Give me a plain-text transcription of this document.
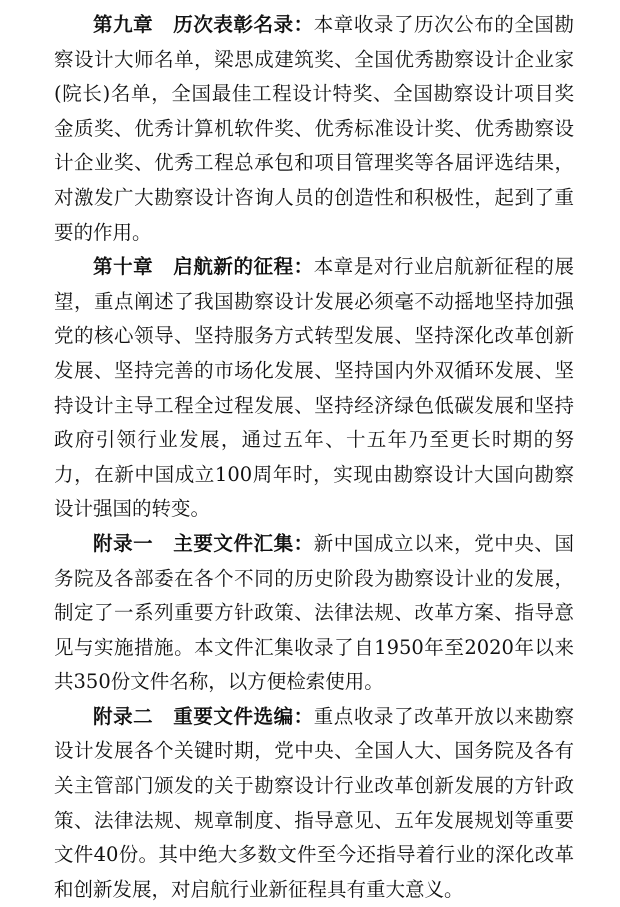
第九章　历次表彰名录：本章收录了历次公布的全国勘察设计大师名单，梁思成建筑奖、全国优秀勘察设计企业家(院长)名单，全国最佳工程设计特奖、全国勘察设计项目奖金质奖、优秀计算机软件奖、优秀标准设计奖、优秀勘察设计企业奖、优秀工程总承包和项目管理奖等各届评选结果，对激发广大勘察设计咨询人员的创造性和积极性，起到了重要的作用。

第十章　启航新的征程：本章是对行业启航新征程的展望，重点阐述了我国勘察设计发展必须毫不动摇地坚持加强党的核心领导、坚持服务方式转型发展、坚持深化改革创新发展、坚持完善的市场化发展、坚持国内外双循环发展、坚持设计主导工程全过程发展、坚持经济绿色低碳发展和坚持政府引领行业发展，通过五年、十五年乃至更长时期的努力，在新中国成立100周年时，实现由勘察设计大国向勘察设计强国的转变。

附录一　主要文件汇集：新中国成立以来，党中央、国务院及各部委在各个不同的历史阶段为勘察设计业的发展，制定了一系列重要方针政策、法律法规、改革方案、指导意见与实施措施。本文件汇集收录了自1950年至2020年以来共350份文件名称，以方便检索使用。

附录二　重要文件选编：重点收录了改革开放以来勘察设计发展各个关键时期，党中央、全国人大、国务院及各有关主管部门颁发的关于勘察设计行业改革创新发展的方针政策、法律法规、规章制度、指导意见、五年发展规划等重要文件40份。其中绝大多数文件至今还指导着行业的深化改革和创新发展，对启航行业新征程具有重大意义。
